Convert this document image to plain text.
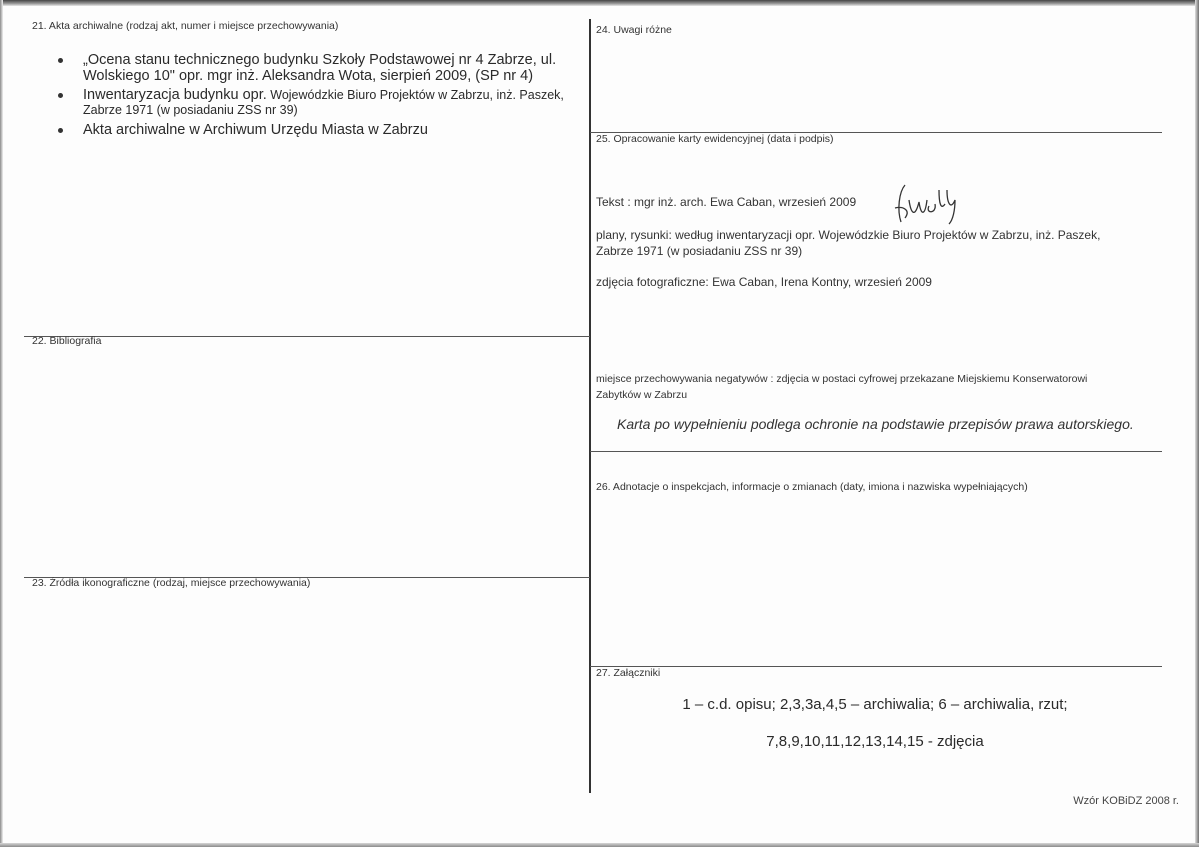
21. Akta archiwalne (rodzaj akt, numer i miejsce przechowywania)
„Ocena stanu technicznego budynku Szkoły Podstawowej nr 4 Zabrze, ul.
Wolskiego 10" opr. mgr inż. Aleksandra Wota, sierpień 2009, (SP nr 4)
Inwentaryzacja budynku opr. Wojewódzkie Biuro Projektów w Zabrzu, inż. Paszek,
Zabrze 1971 (w posiadaniu ZSS nr 39)
Akta archiwalne w Archiwum Urzędu Miasta w Zabrzu
22. Bibliografia
23. Źródła ikonograficzne (rodzaj, miejsce przechowywania)
24. Uwagi różne
25. Opracowanie karty ewidencyjnej (data i podpis)
Tekst : mgr inż. arch. Ewa Caban, wrzesień 2009
plany, rysunki: według inwentaryzacji opr. Wojewódzkie Biuro Projektów w Zabrzu, inż. Paszek,
Zabrze 1971 (w posiadaniu ZSS nr 39)
zdjęcia fotograficzne: Ewa Caban, Irena Kontny, wrzesień 2009
miejsce przechowywania negatywów : zdjęcia w postaci cyfrowej przekazane Miejskiemu Konserwatorowi
Zabytków w Zabrzu
Karta po wypełnieniu podlega ochronie na podstawie przepisów prawa autorskiego.
26. Adnotacje o inspekcjach, informacje o zmianach (daty, imiona i nazwiska wypełniających)
27. Załączniki
1 – c.d. opisu; 2,3,3a,4,5 – archiwalia; 6 – archiwalia, rzut;
7,8,9,10,11,12,13,14,15 - zdjęcia
Wzór KOBiDZ 2008 r.
